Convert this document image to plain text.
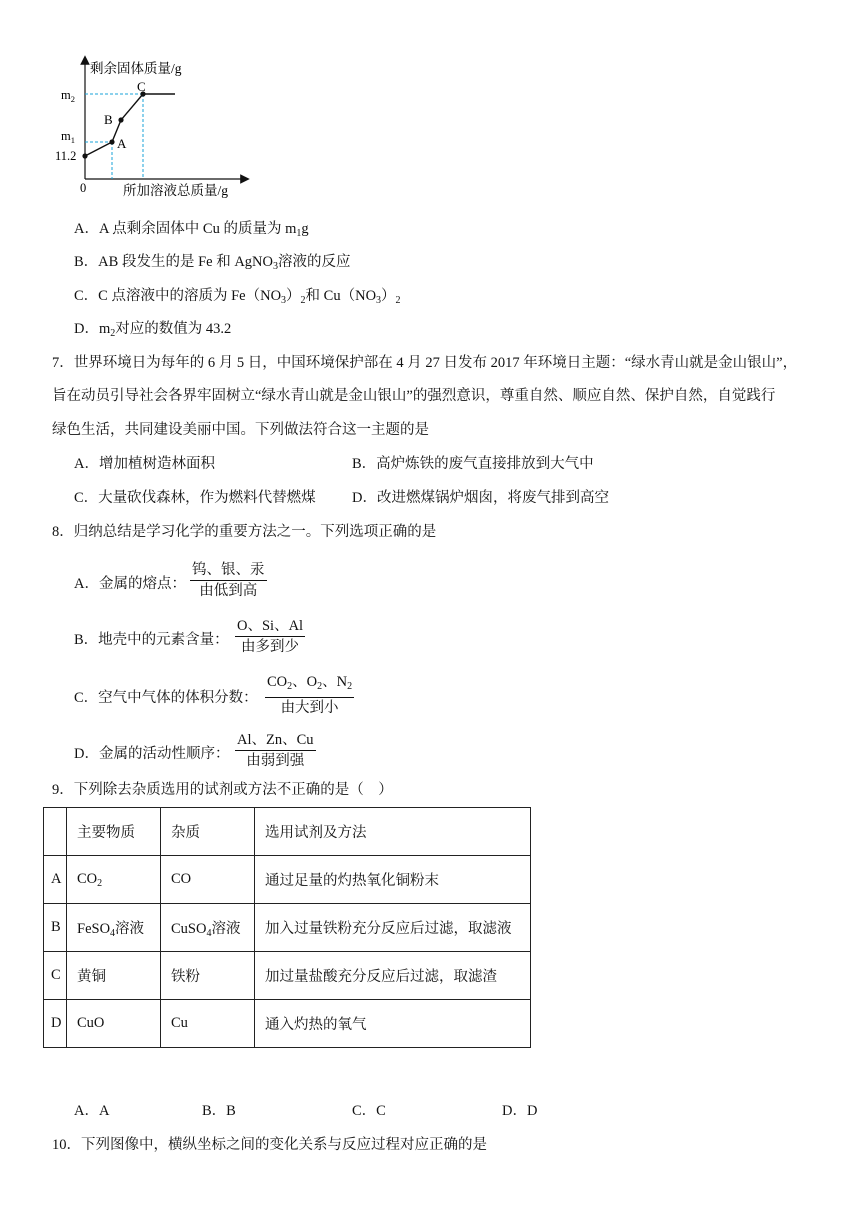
剩余固体质量/g
所加溶液总质量/g
0
$m_2$
$m_1$
11.2
A
B
C
A．A 点剩余固体中 Cu 的质量为 $m_1g$
B．AB 段发生的是 Fe 和 AgNO$_3$溶液的反应
C．C 点溶液中的溶质为 $Fe(NO_3)_2$和 $Cu(NO_3)_2$
D．$m_2$对应的数值为 43.2
7．世界环境日为每年的 6 月 5 日，中国环境保护部在 4 月 27 日发布 2017 年环境日主题：“绿水青山就是金山银山”，
旨在动员引导社会各界牢固树立“绿水青山就是金山银山”的强烈意识，尊重自然、顺应自然、保护自然，自觉践行
绿色生活，共同建设美丽中国。下列做法符合这一主题的是
A．增加植树造林面积	B．高炉炼铁的废气直接排放到大气中
C．大量砍伐森林，作为燃料代替燃煤	D．改进燃煤锅炉烟囱，将废气排到高空
8．归纳总结是学习化学的重要方法之一。下列选项正确的是
A．金属的熔点：
钨、银、汞
由低到高
B．地壳中的元素含量：
O、Si、Al
由多到少
C．空气中气体的体积分数：
$CO_2$、$O_2$、$N_2$
由大到小
D．金属的活动性顺序：
Al、Zn、Cu
由弱到强
9．下列除去杂质选用的试剂或方法不正确的是（　）
	主要物质	杂质	选用试剂及方法
A	$CO_2$	CO	通过足量的灼热氧化铜粉末
B	FeSO$_4$溶液	CuSO$_4$溶液	加入过量铁粉充分反应后过滤，取滤液
C	黄铜	铁粉	加过量盐酸充分反应后过滤，取滤渣
D	CuO	Cu	通入灼热的氧气
A．A	B．B	C．C	D．D
10．下列图像中，横纵坐标之间的变化关系与反应过程对应正确的是
